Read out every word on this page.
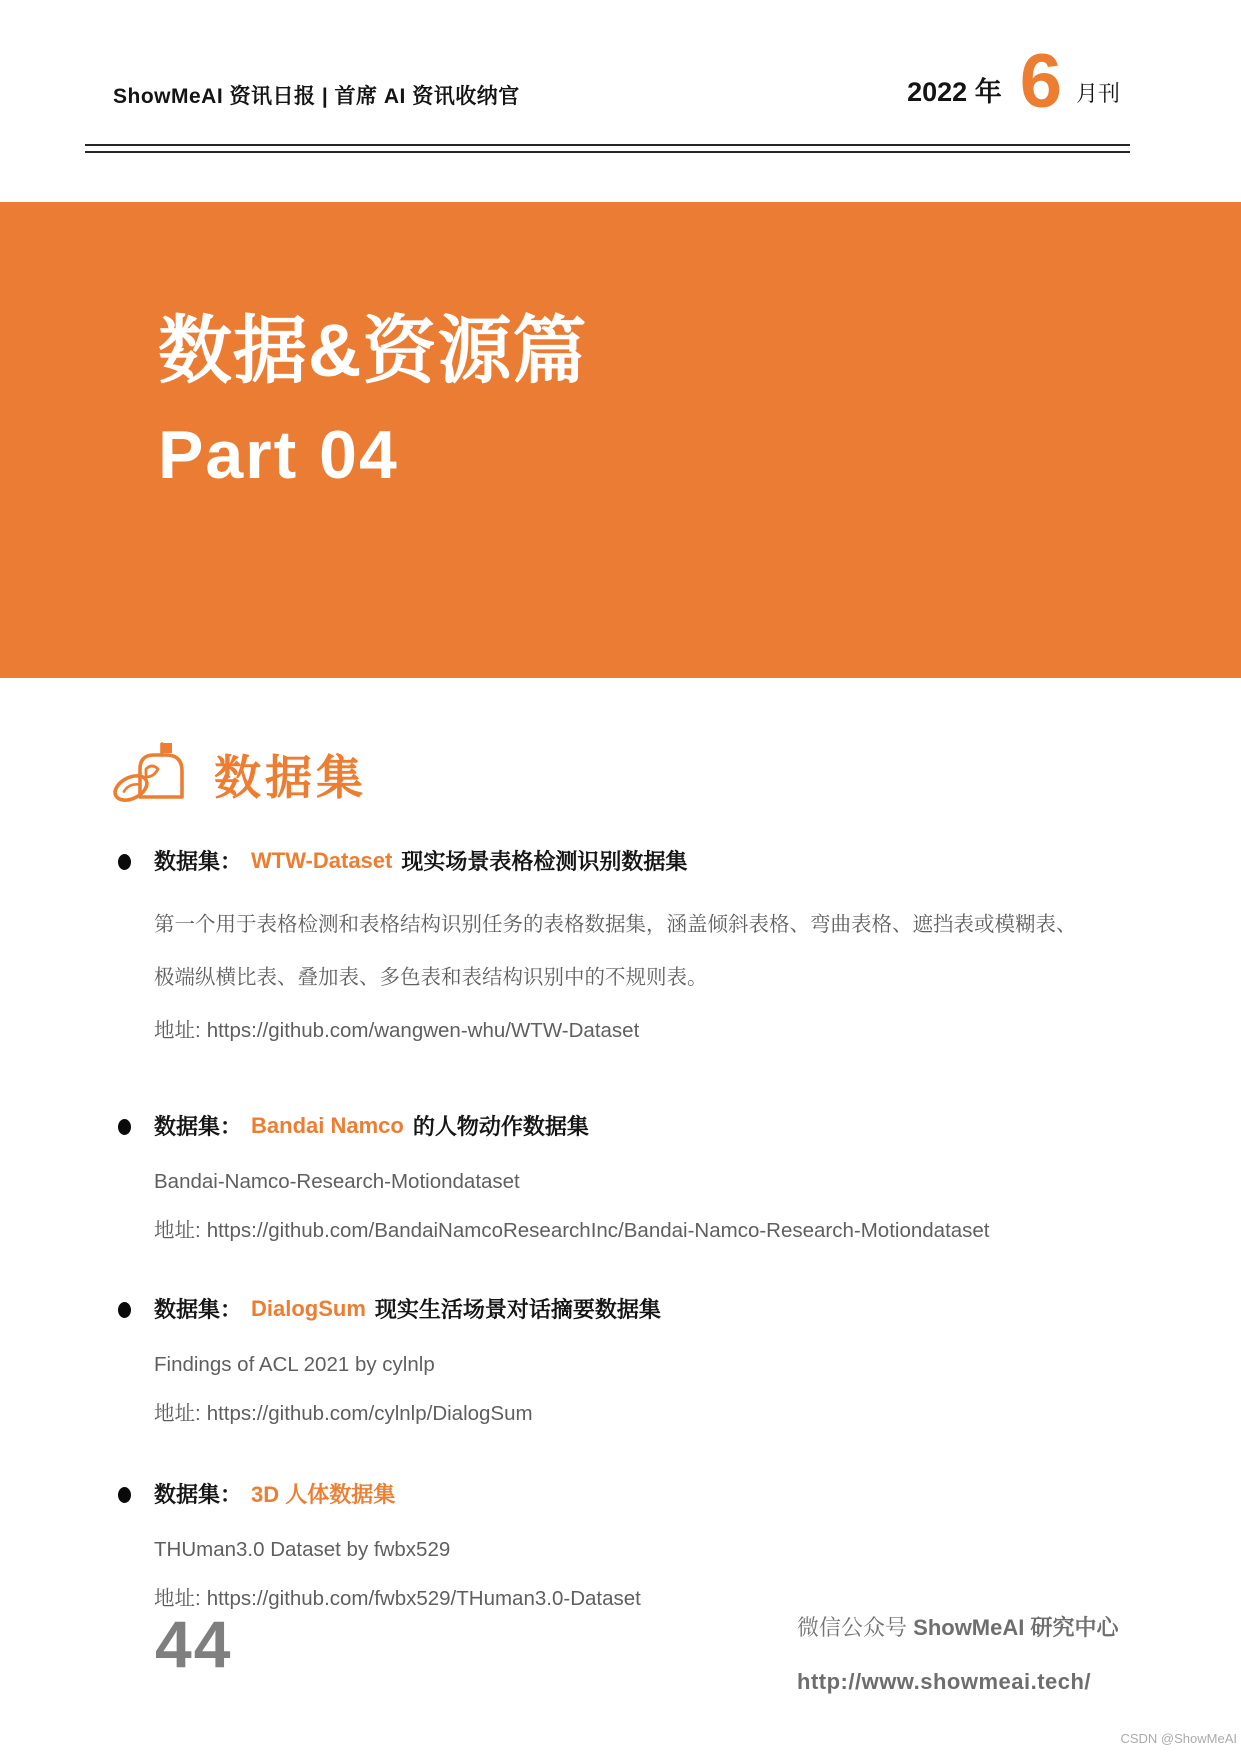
ShowMeAI 资讯日报 | 首席 AI 资讯收纳官	2022 年 6 月刊
数据&资源篇
Part 04
数据集
数据集： WTW-Dataset 现实场景表格检测识别数据集
第一个用于表格检测和表格结构识别任务的表格数据集，涵盖倾斜表格、弯曲表格、遮挡表或模糊表、
极端纵横比表、叠加表、多色表和表结构识别中的不规则表。
地址: https://github.com/wangwen-whu/WTW-Dataset
数据集： Bandai Namco 的人物动作数据集
Bandai-Namco-Research-Motiondataset
地址: https://github.com/BandaiNamcoResearchInc/Bandai-Namco-Research-Motiondataset
数据集： DialogSum 现实生活场景对话摘要数据集
Findings of ACL 2021 by cylnlp
地址: https://github.com/cylnlp/DialogSum
数据集： 3D 人体数据集
THUman3.0 Dataset by fwbx529
地址: https://github.com/fwbx529/THuman3.0-Dataset
44	微信公众号 ShowMeAI 研究中心
http://www.showmeai.tech/
CSDN @ShowMeAI
